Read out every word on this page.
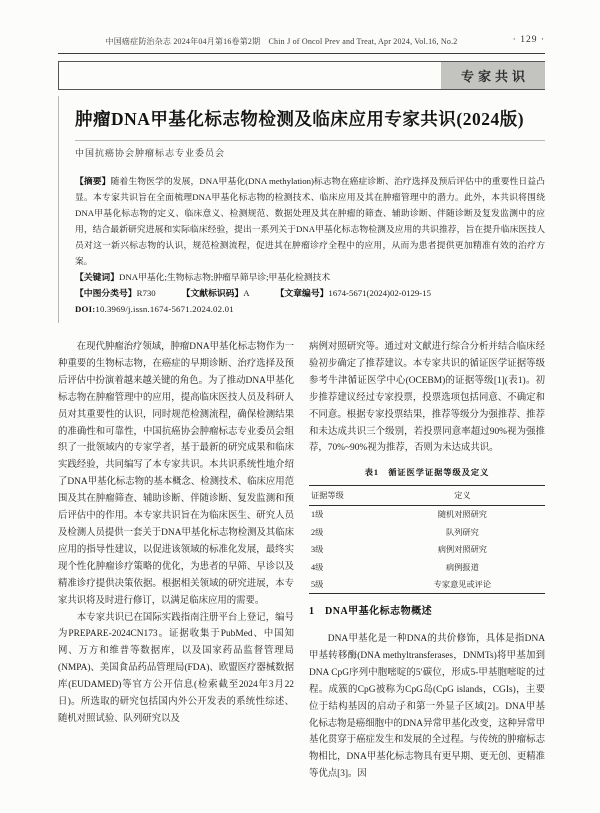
中国癌症防治杂志 2024年04月第16卷第2期　Chin J of Oncol Prev and Treat, Apr 2024, Vol.16, No.2	· 129 ·
专家共识
肿瘤DNA甲基化标志物检测及临床应用专家共识(2024版)

中国抗癌协会肿瘤标志专业委员会

【摘要】随着生物医学的发展，DNA甲基化(DNA methylation)标志物在癌症诊断、治疗选择及预后评估中的重要性日益凸显。本专家共识旨在全面梳理DNA甲基化标志物的检测技术、临床应用及其在肿瘤管理中的潜力。此外，本共识将围绕DNA甲基化标志物的定义、临床意义、检测规范、数据处理及其在肿瘤的筛查、辅助诊断、伴随诊断及复发监测中的应用，结合最新研究进展和实际临床经验，提出一系列关于DNA甲基化标志物检测及应用的共识推荐，旨在提升临床医技人员对这一新兴标志物的认识，规范检测流程，促进其在肿瘤诊疗全程中的应用，从而为患者提供更加精准有效的治疗方案。

【关键词】DNA甲基化;生物标志物;肿瘤早筛早诊;甲基化检测技术

【中图分类号】R730	【文献标识码】A	【文章编号】1674-5671(2024)02-0129-15

DOI:10.3969/j.issn.1674-5671.2024.02.01

在现代肿瘤治疗领域，肿瘤DNA甲基化标志物作为一种重要的生物标志物，在癌症的早期诊断、治疗选择及预后评估中扮演着越来越关键的角色。为了推动DNA甲基化标志物在肿瘤管理中的应用，提高临床医技人员及科研人员对其重要性的认识，同时规范检测流程，确保检测结果的准确性和可靠性，中国抗癌协会肿瘤标志专业委员会组织了一批领域内的专家学者，基于最新的研究成果和临床实践经验，共同编写了本专家共识。本共识系统性地介绍了DNA甲基化标志物的基本概念、检测技术、临床应用范围及其在肿瘤筛查、辅助诊断、伴随诊断、复发监测和预后评估中的作用。本专家共识旨在为临床医生、研究人员及检测人员提供一套关于DNA甲基化标志物检测及其临床应用的指导性建议，以促进该领域的标准化发展，最终实现个性化肿瘤诊疗策略的优化，为患者的早筛、早诊以及精准诊疗提供决策依据。根据相关领域的研究进展，本专家共识将及时进行修订，以满足临床应用的需要。

本专家共识已在国际实践指南注册平台上登记，编号为PREPARE-2024CN173。证据收集于PubMed、中国知网、万方和维普等数据库，以及国家药品监督管理局(NMPA)、美国食品药品管理局(FDA)、欧盟医疗器械数据库(EUDAMED)等官方公开信息(检索截至2024年3月22日)。所选取的研究包括国内外公开发表的系统性综述、随机对照试验、队列研究以及

病例对照研究等。通过对文献进行综合分析并结合临床经验初步确定了推荐建议。本专家共识的循证医学证据等级参考牛津循证医学中心(OCEBM)的证据等级[1](表1)。初步推荐建议经过专家投票，投票选项包括同意、不确定和不同意。根据专家投票结果，推荐等级分为强推荐、推荐和未达成共识三个级别，若投票同意率超过90%视为强推荐，70%~90%视为推荐，否则为未达成共识。

表1　循证医学证据等级及定义
证据等级	定义
1级	随机对照研究
2级	队列研究
3级	病例对照研究
4级	病例报道
5级	专家意见或评论
1　DNA甲基化标志物概述

DNA甲基化是一种DNA的共价修饰，具体是指DNA甲基转移酶(DNA methyltransferases，DNMTs)将甲基加到DNA CpG序列中胞嘧啶的5′碳位，形成5-甲基胞嘧啶的过程。成簇的CpG被称为CpG岛(CpG islands，CGIs)，主要位于结构基因的启动子和第一外显子区域[2]。DNA甲基化标志物是癌细胞中的DNA异常甲基化改变，这种异常甲基化贯穿于癌症发生和发展的全过程。与传统的肿瘤标志物相比，DNA甲基化标志物具有更早期、更无创、更精准等优点[3]。因
